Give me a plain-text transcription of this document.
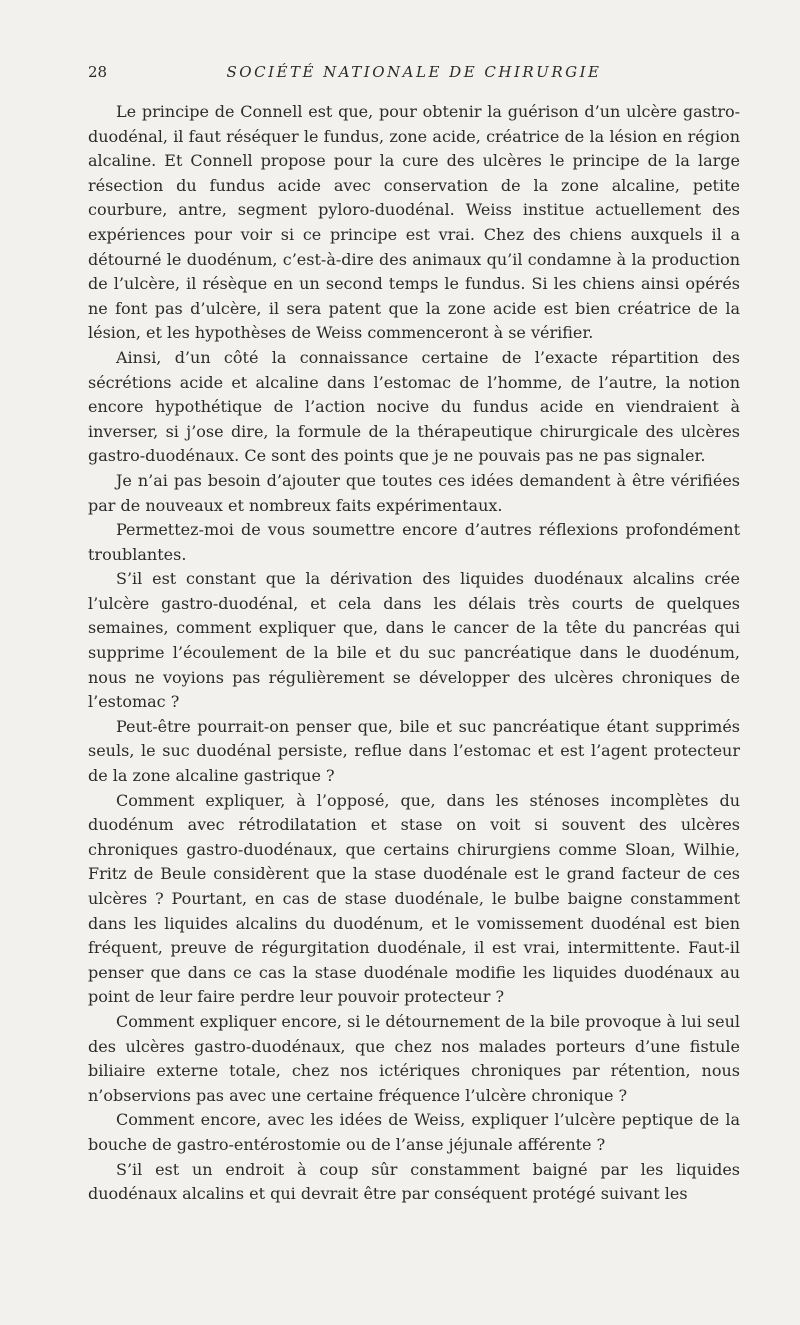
28	SOCIÉTÉ NATIONALE DE CHIRURGIE

Le principe de Connell est que, pour obtenir la guérison d’un ulcère gastro-duodénal, il faut réséquer le fundus, zone acide, créatrice de la lésion en région alcaline. Et Connell propose pour la cure des ulcères le principe de la large résection du fundus acide avec conservation de la zone alcaline, petite courbure, antre, segment pyloro-duodénal. Weiss institue actuellement des expériences pour voir si ce principe est vrai. Chez des chiens auxquels il a détourné le duodénum, c’est-à-dire des animaux qu’il condamne à la production de l’ulcère, il résèque en un second temps le fundus. Si les chiens ainsi opérés ne font pas d’ulcère, il sera patent que la zone acide est bien créatrice de la lésion, et les hypothèses de Weiss commenceront à se vérifier.

Ainsi, d’un côté la connaissance certaine de l’exacte répartition des sécrétions acide et alcaline dans l’estomac de l’homme, de l’autre, la notion encore hypothétique de l’action nocive du fundus acide en viendraient à inverser, si j’ose dire, la formule de la thérapeutique chirurgicale des ulcères gastro-duodénaux. Ce sont des points que je ne pouvais pas ne pas signaler.

Je n’ai pas besoin d’ajouter que toutes ces idées demandent à être vérifiées par de nouveaux et nombreux faits expérimentaux.

Permettez-moi de vous soumettre encore d’autres réflexions profondément troublantes.

S’il est constant que la dérivation des liquides duodénaux alcalins crée l’ulcère gastro-duodénal, et cela dans les délais très courts de quelques semaines, comment expliquer que, dans le cancer de la tête du pancréas qui supprime l’écoulement de la bile et du suc pancréatique dans le duodénum, nous ne voyions pas régulièrement se développer des ulcères chroniques de l’estomac ?

Peut-être pourrait-on penser que, bile et suc pancréatique étant supprimés seuls, le suc duodénal persiste, reflue dans l’estomac et est l’agent protecteur de la zone alcaline gastrique ?

Comment expliquer, à l’opposé, que, dans les sténoses incomplètes du duodénum avec rétrodilatation et stase on voit si souvent des ulcères chroniques gastro-duodénaux, que certains chirurgiens comme Sloan, Wilhie, Fritz de Beule considèrent que la stase duodénale est le grand facteur de ces ulcères ? Pourtant, en cas de stase duodénale, le bulbe baigne constamment dans les liquides alcalins du duodénum, et le vomissement duodénal est bien fréquent, preuve de régurgitation duodénale, il est vrai, intermittente. Faut-il penser que dans ce cas la stase duodénale modifie les liquides duodénaux au point de leur faire perdre leur pouvoir protecteur ?

Comment expliquer encore, si le détournement de la bile provoque à lui seul des ulcères gastro-duodénaux, que chez nos malades porteurs d’une fistule biliaire externe totale, chez nos ictériques chroniques par rétention, nous n’observions pas avec une certaine fréquence l’ulcère chronique ?

Comment encore, avec les idées de Weiss, expliquer l’ulcère peptique de la bouche de gastro-entérostomie ou de l’anse jéjunale afférente ?

S’il est un endroit à coup sûr constamment baigné par les liquides duodénaux alcalins et qui devrait être par conséquent protégé suivant les
